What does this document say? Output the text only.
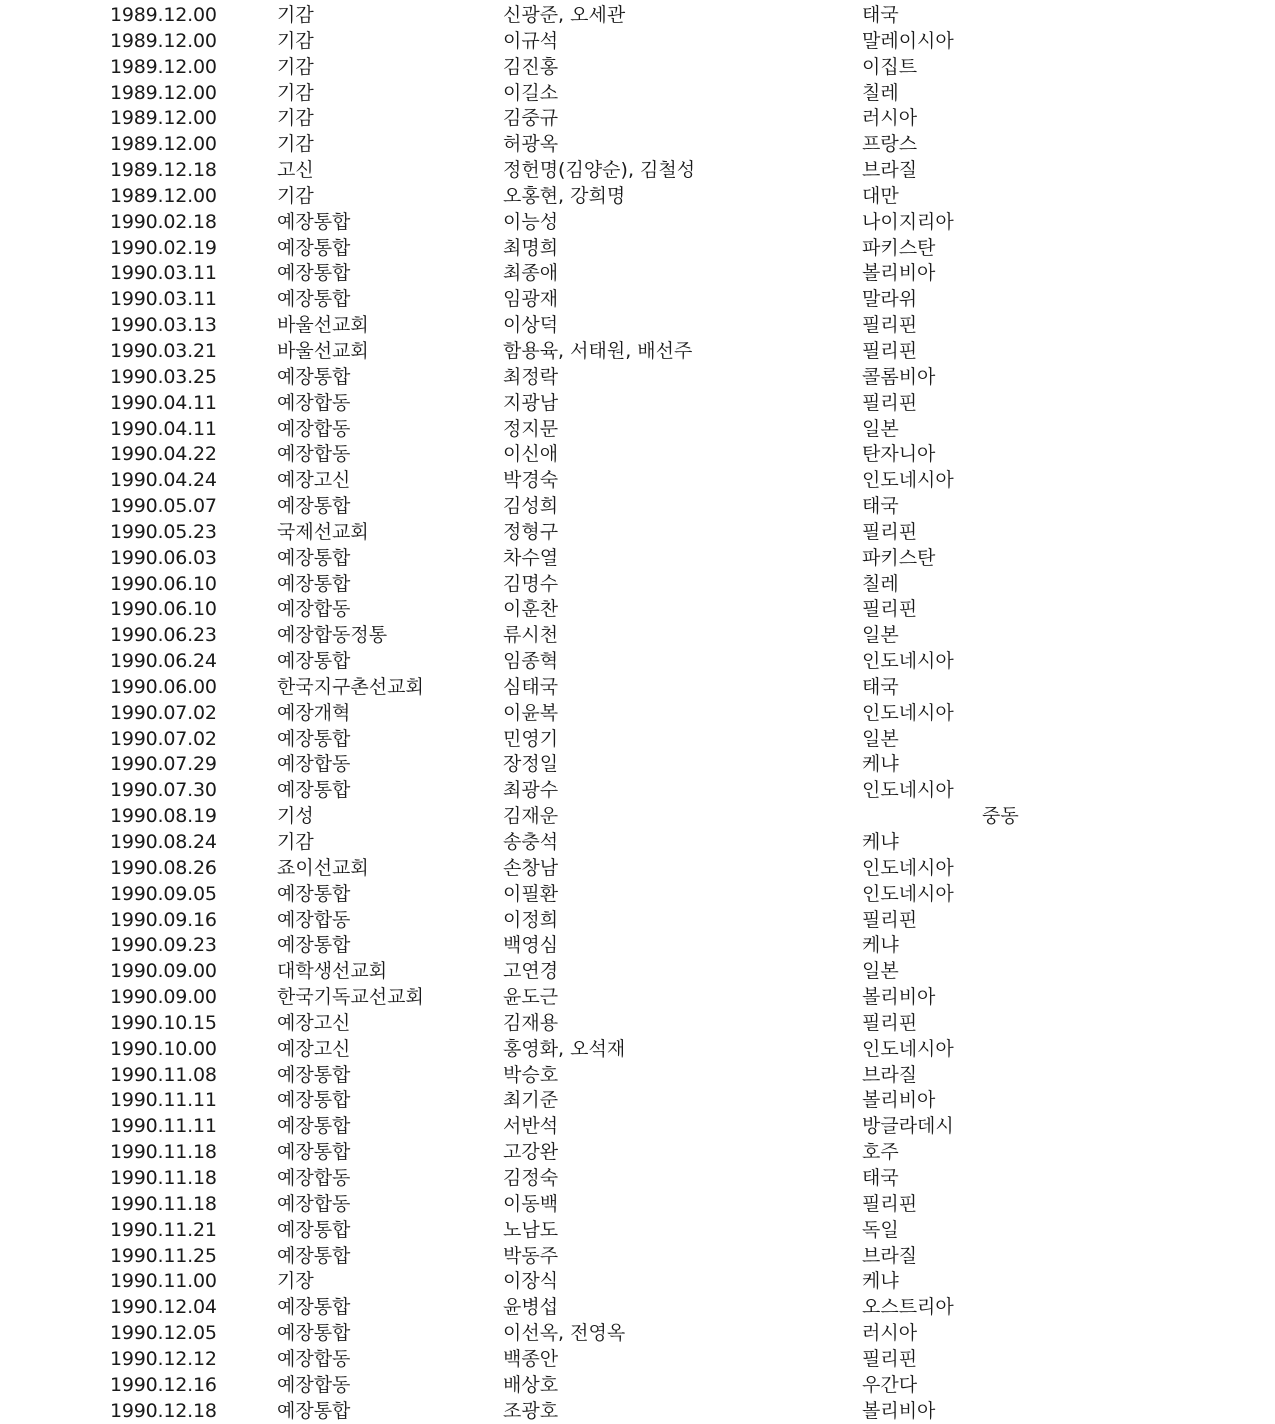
1989.12.00	기감	신광준, 오세관	태국
1989.12.00	기감	이규석	말레이시아
1989.12.00	기감	김진홍	이집트
1989.12.00	기감	이길소	칠레
1989.12.00	기감	김중규	러시아
1989.12.00	기감	허광옥	프랑스
1989.12.18	고신	정헌명(김양순), 김철성	브라질
1989.12.00	기감	오홍현, 강희명	대만
1990.02.18	예장통합	이능성	나이지리아
1990.02.19	예장통합	최명희	파키스탄
1990.03.11	예장통합	최종애	볼리비아
1990.03.11	예장통합	임광재	말라위
1990.03.13	바울선교회	이상덕	필리핀
1990.03.21	바울선교회	함용육, 서태원, 배선주	필리핀
1990.03.25	예장통합	최정락	콜롬비아
1990.04.11	예장합동	지광남	필리핀
1990.04.11	예장합동	정지문	일본
1990.04.22	예장합동	이신애	탄자니아
1990.04.24	예장고신	박경숙	인도네시아
1990.05.07	예장통합	김성희	태국
1990.05.23	국제선교회	정형구	필리핀
1990.06.03	예장통합	차수열	파키스탄
1990.06.10	예장통합	김명수	칠레
1990.06.10	예장합동	이훈찬	필리핀
1990.06.23	예장합동정통	류시천	일본
1990.06.24	예장통합	임종혁	인도네시아
1990.06.00	한국지구촌선교회	심태국	태국
1990.07.02	예장개혁	이윤복	인도네시아
1990.07.02	예장통합	민영기	일본
1990.07.29	예장합동	장정일	케냐
1990.07.30	예장통합	최광수	인도네시아
1990.08.19	기성	김재운	중동
1990.08.24	기감	송충석	케냐
1990.08.26	죠이선교회	손창남	인도네시아
1990.09.05	예장통합	이필환	인도네시아
1990.09.16	예장합동	이정희	필리핀
1990.09.23	예장통합	백영심	케냐
1990.09.00	대학생선교회	고연경	일본
1990.09.00	한국기독교선교회	윤도근	볼리비아
1990.10.15	예장고신	김재용	필리핀
1990.10.00	예장고신	홍영화, 오석재	인도네시아
1990.11.08	예장통합	박승호	브라질
1990.11.11	예장통합	최기준	볼리비아
1990.11.11	예장통합	서반석	방글라데시
1990.11.18	예장통합	고강완	호주
1990.11.18	예장합동	김정숙	태국
1990.11.18	예장합동	이동백	필리핀
1990.11.21	예장통합	노남도	독일
1990.11.25	예장통합	박동주	브라질
1990.11.00	기장	이장식	케냐
1990.12.04	예장통합	윤병섭	오스트리아
1990.12.05	예장통합	이선옥, 전영옥	러시아
1990.12.12	예장합동	백종안	필리핀
1990.12.16	예장합동	배상호	우간다
1990.12.18	예장통합	조광호	볼리비아
